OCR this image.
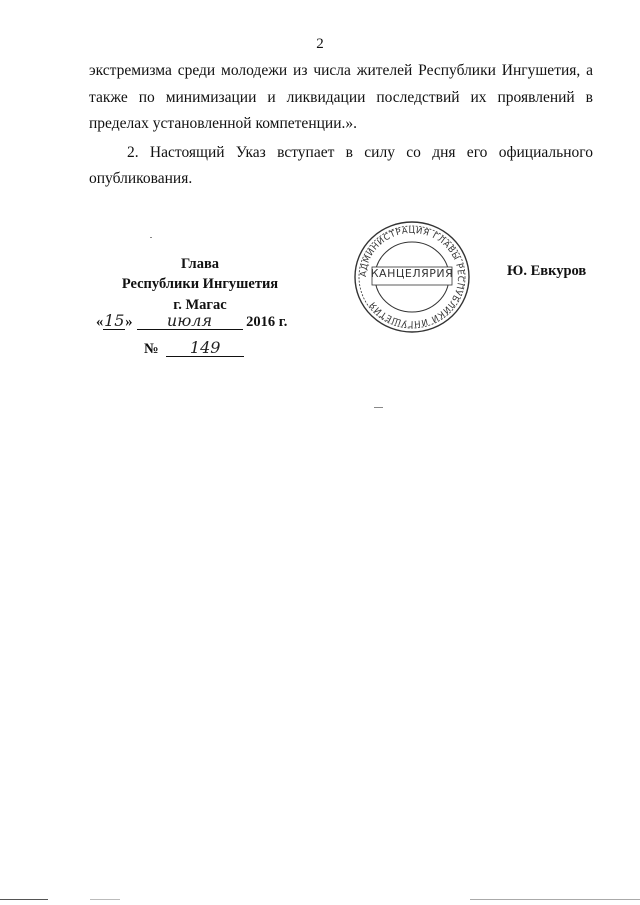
2

экстремизма среди молодежи из числа жителей Республики Ингушетия, а также по минимизации и ликвидации последствий их проявлений в пределах установленной компетенции.».

2. Настоящий Указ вступает в силу со дня его официального опубликования.

Глава
Республики Ингушетия
г. Магас
«15» июля 2016 г.
№ 149
АДМИНИСТРАЦИЯ ГЛАВЫ РЕСПУБЛИКИ ИНГУШЕТИЯ
КАНЦЕЛЯРИЯ	Ю. Евкуров
